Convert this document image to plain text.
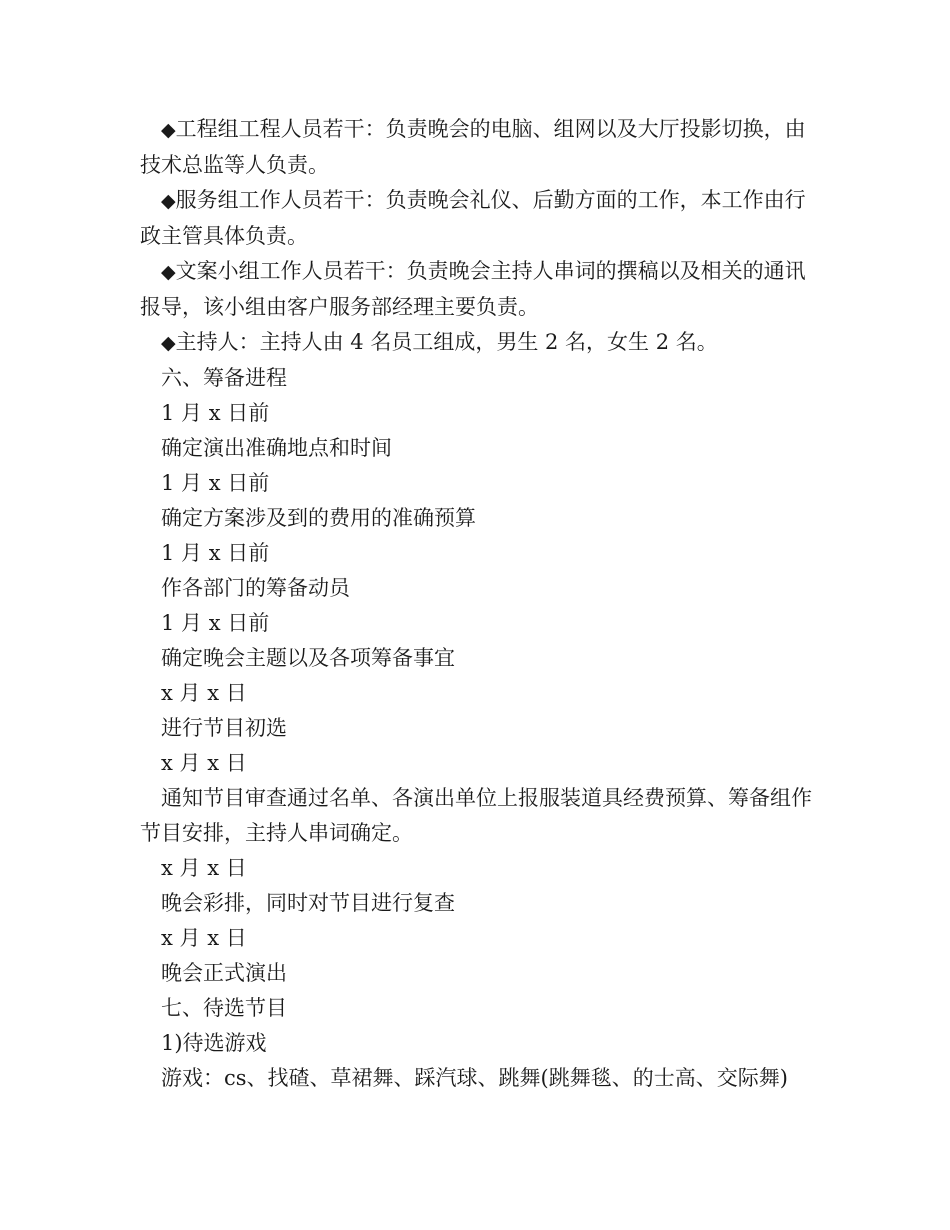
◆工程组工程人员若干：负责晚会的电脑、组网以及大厅投影切换，由技术总监等人负责。

◆服务组工作人员若干：负责晚会礼仪、后勤方面的工作，本工作由行政主管具体负责。

◆文案小组工作人员若干：负责晚会主持人串词的撰稿以及相关的通讯报导，该小组由客户服务部经理主要负责。

◆主持人：主持人由 4 名员工组成，男生 2 名，女生 2 名。

六、筹备进程

1 月 x 日前

确定演出准确地点和时间

1 月 x 日前

确定方案涉及到的费用的准确预算

1 月 x 日前

作各部门的筹备动员

1 月 x 日前

确定晚会主题以及各项筹备事宜

x 月 x 日

进行节目初选

x 月 x 日

通知节目审查通过名单、各演出单位上报服装道具经费预算、筹备组作节目安排，主持人串词确定。

x 月 x 日

晚会彩排，同时对节目进行复查

x 月 x 日

晚会正式演出

七、待选节目

1)待选游戏

游戏：cs、找碴、草裙舞、踩汽球、跳舞(跳舞毯、的士高、交际舞)
